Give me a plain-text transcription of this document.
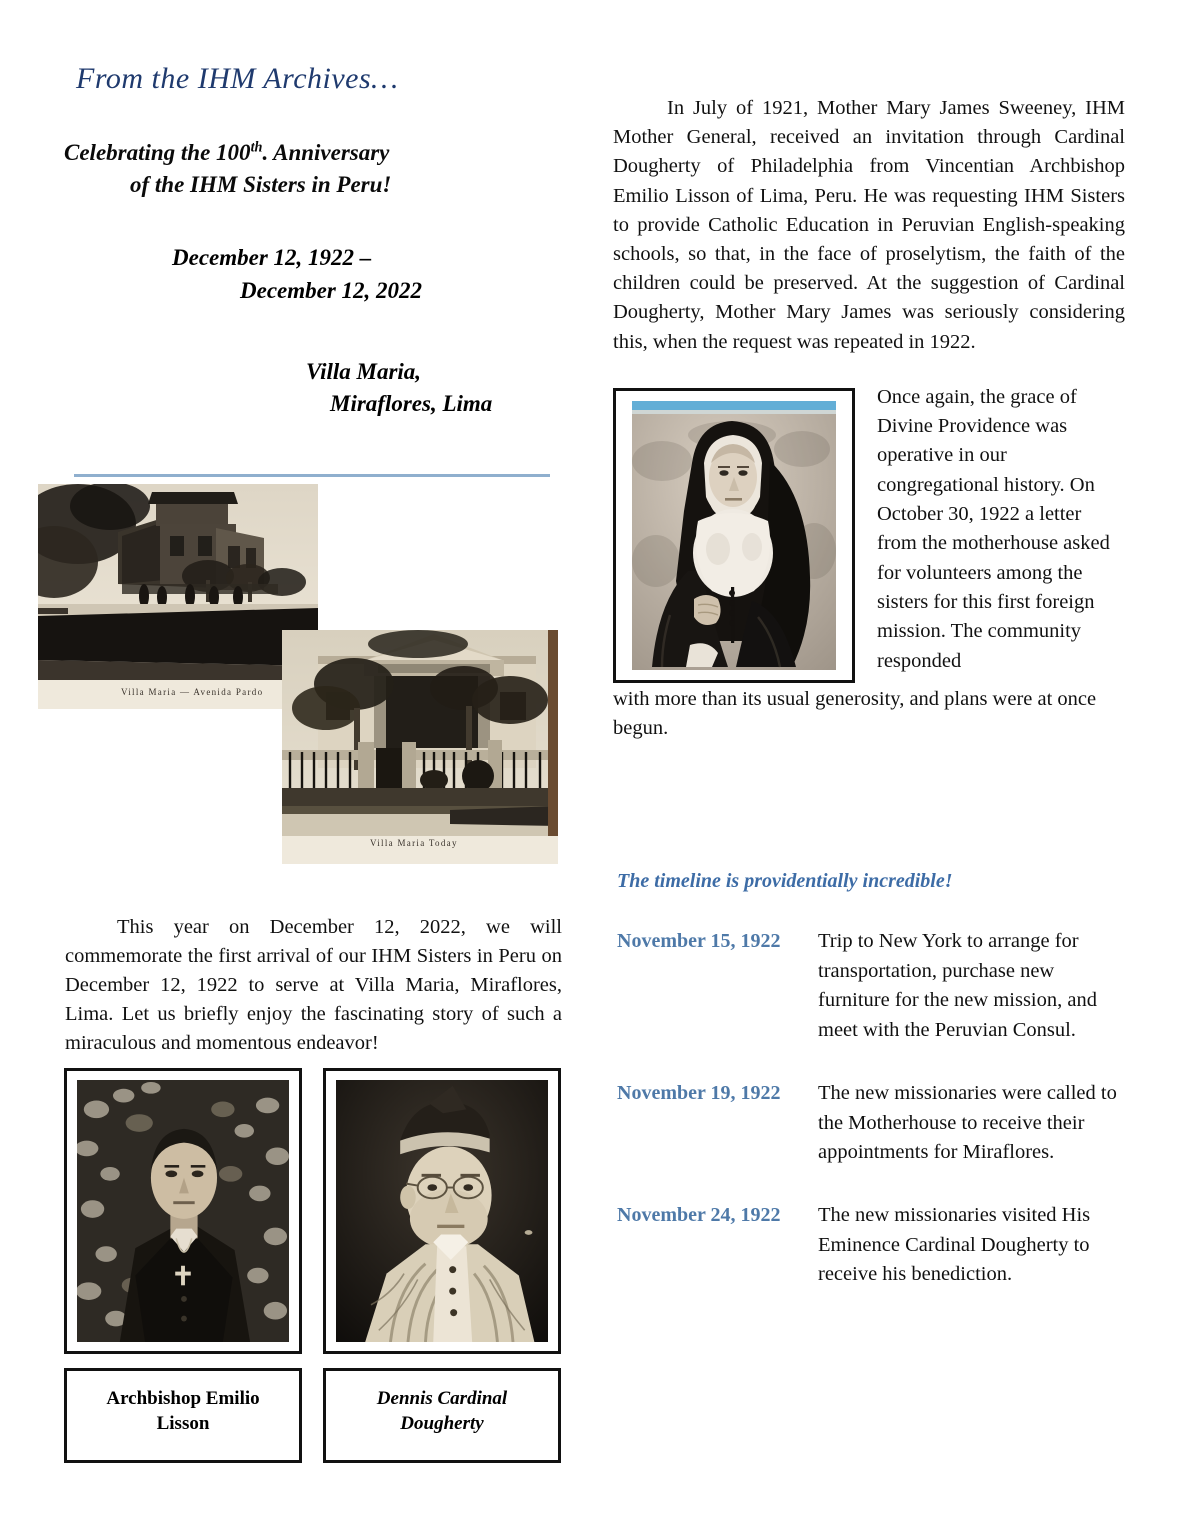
From the IHM Archives…
Celebrating the 100th. Anniversary
of the IHM Sisters in Peru!
December 12, 1922 –
December 12, 2022
Villa Maria,
Miraflores, Lima
Villa Maria — Avenida Pardo
Villa Maria Today

This year on December 12, 2022, we will commemorate the first arrival of our IHM Sisters in Peru on December 12, 1922 to serve at Villa Maria, Miraflores, Lima. Let us briefly enjoy the fascinating story of such a miraculous and momentous endeavor!

Archbishop Emilio
Lisson
Dennis Cardinal
Dougherty

In July of 1921, Mother Mary James Sweeney, IHM Mother General, received an invitation through Cardinal Dougherty of Philadelphia from Vincentian Archbishop Emilio Lisson of Lima, Peru. He was requesting IHM Sisters to provide Catholic Education in Peruvian English-speaking schools, so that, in the face of proselytism, the faith of the children could be preserved. At the suggestion of Cardinal Dougherty, Mother Mary James was seriously considering this, when the request was repeated in 1922.

Once again, the grace of Divine Providence was operative in our congregational history. On October 30, 1922 a letter from the motherhouse asked for volunteers among the sisters for this first foreign mission. The community responded

with more than its usual generosity, and plans were at once begun.

The timeline is providentially incredible!
November 15, 1922	Trip to New York to arrange for transportation, purchase new furniture for the new mission, and meet with the Peruvian Consul.
November 19, 1922	The new missionaries were called to the Motherhouse to receive their appointments for Miraflores.
November 24, 1922	The new missionaries visited His Eminence Cardinal Dougherty to receive his benediction.
